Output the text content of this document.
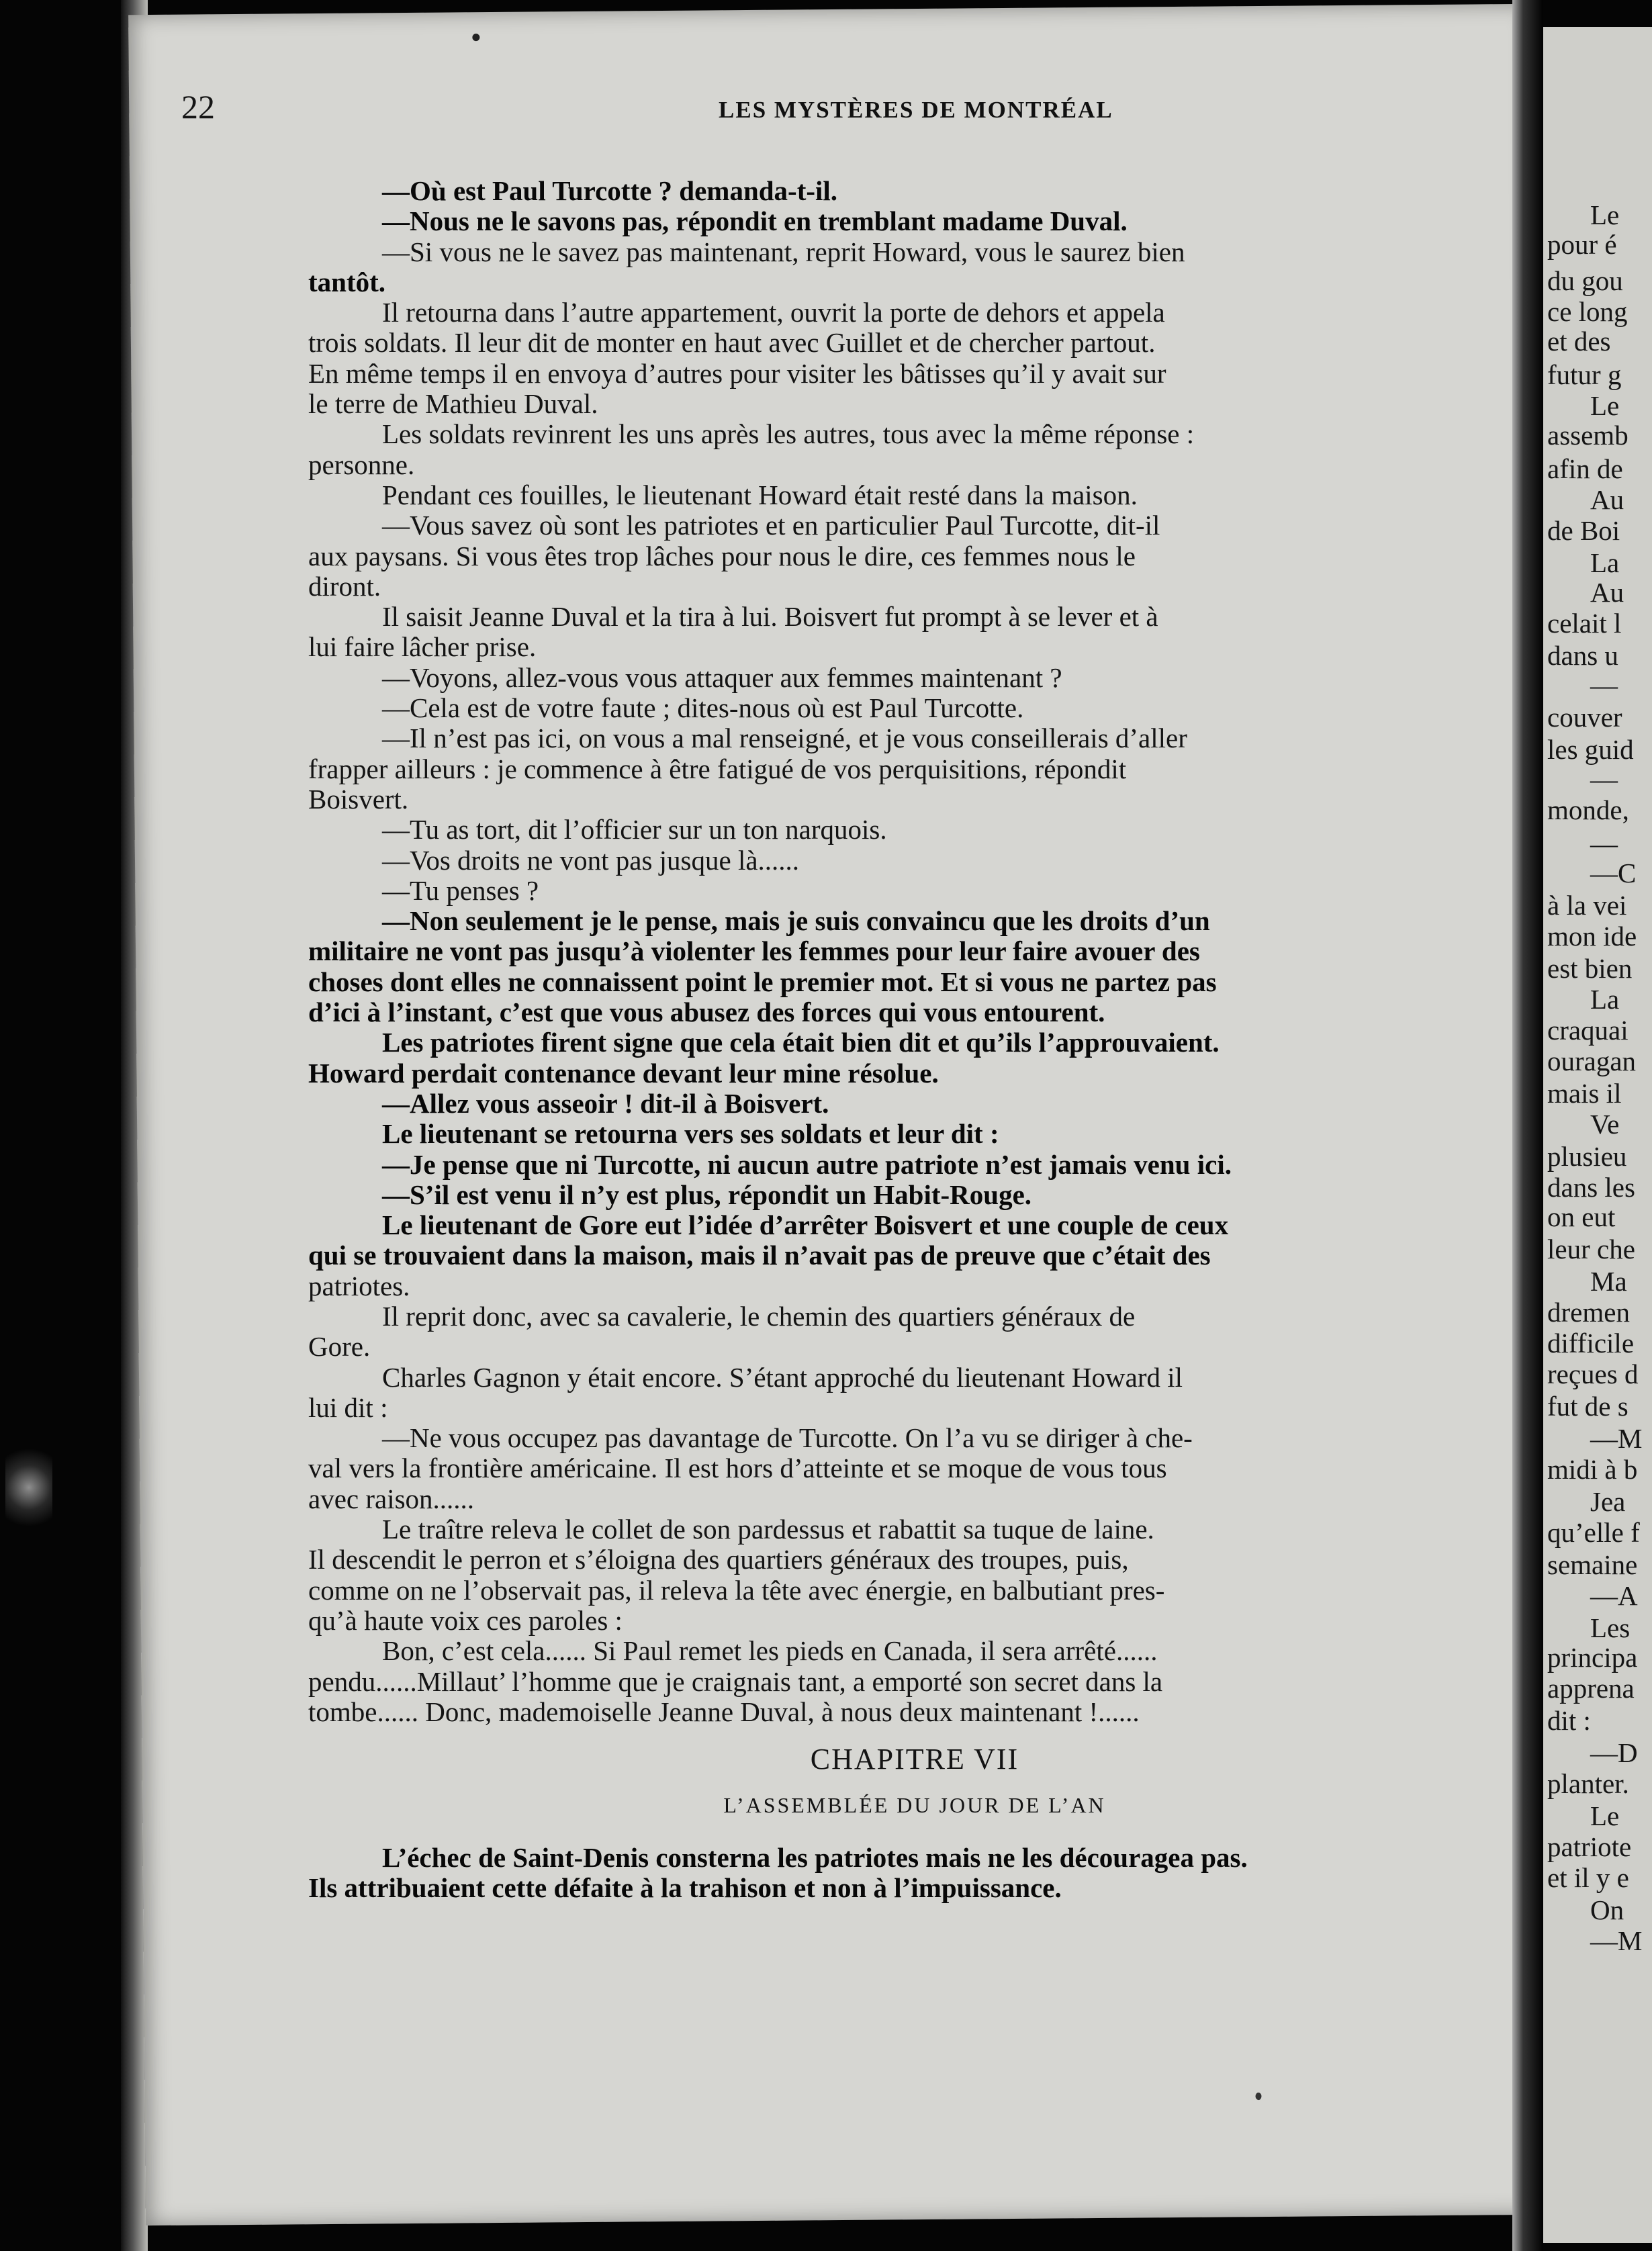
22	LES MYSTÈRES DE MONTRÉAL
—Où est Paul Turcotte ? demanda-t-il.
—Nous ne le savons pas, répondit en tremblant madame Duval.
—Si vous ne le savez pas maintenant, reprit Howard, vous le saurez bien
tantôt.
Il retourna dans l’autre appartement, ouvrit la porte de dehors et appela
trois soldats. Il leur dit de monter en haut avec Guillet et de chercher partout.
En même temps il en envoya d’autres pour visiter les bâtisses qu’il y avait sur
le terre de Mathieu Duval.
Les soldats revinrent les uns après les autres, tous avec la même réponse :
personne.
Pendant ces fouilles, le lieutenant Howard était resté dans la maison.
—Vous savez où sont les patriotes et en particulier Paul Turcotte, dit-il
aux paysans. Si vous êtes trop lâches pour nous le dire, ces femmes nous le
diront.
Il saisit Jeanne Duval et la tira à lui. Boisvert fut prompt à se lever et à
lui faire lâcher prise.
—Voyons, allez-vous vous attaquer aux femmes maintenant ?
—Cela est de votre faute ; dites-nous où est Paul Turcotte.
—Il n’est pas ici, on vous a mal renseigné, et je vous conseillerais d’aller
frapper ailleurs : je commence à être fatigué de vos perquisitions, répondit
Boisvert.
—Tu as tort, dit l’officier sur un ton narquois.
—Vos droits ne vont pas jusque là......
—Tu penses ?
—Non seulement je le pense, mais je suis convaincu que les droits d’un
militaire ne vont pas jusqu’à violenter les femmes pour leur faire avouer des
choses dont elles ne connaissent point le premier mot. Et si vous ne partez pas
d’ici à l’instant, c’est que vous abusez des forces qui vous entourent.
Les patriotes firent signe que cela était bien dit et qu’ils l’approuvaient.
Howard perdait contenance devant leur mine résolue.
—Allez vous asseoir ! dit-il à Boisvert.
Le lieutenant se retourna vers ses soldats et leur dit :
—Je pense que ni Turcotte, ni aucun autre patriote n’est jamais venu ici.
—S’il est venu il n’y est plus, répondit un Habit-Rouge.
Le lieutenant de Gore eut l’idée d’arrêter Boisvert et une couple de ceux
qui se trouvaient dans la maison, mais il n’avait pas de preuve que c’était des
patriotes.
Il reprit donc, avec sa cavalerie, le chemin des quartiers généraux de
Gore.
Charles Gagnon y était encore. S’étant approché du lieutenant Howard il
lui dit :
—Ne vous occupez pas davantage de Turcotte. On l’a vu se diriger à che-
val vers la frontière américaine. Il est hors d’atteinte et se moque de vous tous
avec raison......
Le traître releva le collet de son pardessus et rabattit sa tuque de laine.
Il descendit le perron et s’éloigna des quartiers généraux des troupes, puis,
comme on ne l’observait pas, il releva la tête avec énergie, en balbutiant pres-
qu’à haute voix ces paroles :
Bon, c’est cela...... Si Paul remet les pieds en Canada, il sera arrêté......
pendu......Millaut’ l’homme que je craignais tant, a emporté son secret dans la
tombe...... Donc, mademoiselle Jeanne Duval, à nous deux maintenant !......
CHAPITRE VII
L’ASSEMBLÉE DU JOUR DE L’AN
L’échec de Saint-Denis consterna les patriotes mais ne les découragea pas.
Ils attribuaient cette défaite à la trahison et non à l’impuissance.
Le
pour é
du gou
ce long
et des
futur g
Le
assemb
afin de
Au
de Boi
La
Au
celait l
dans u
—
couver
les guid
—
monde,
—
—C
à la vei
mon ide
est bien
La
craquai
ouragan
mais il
Ve
plusieu
dans les
on eut
leur che
Ma
dremen
difficile
reçues d
fut de s
—M
midi à b
Jea
qu’elle f
semaine
—A
Les
principa
apprena
dit :
—D
planter.
Le
patriote
et il y e
On
—M
